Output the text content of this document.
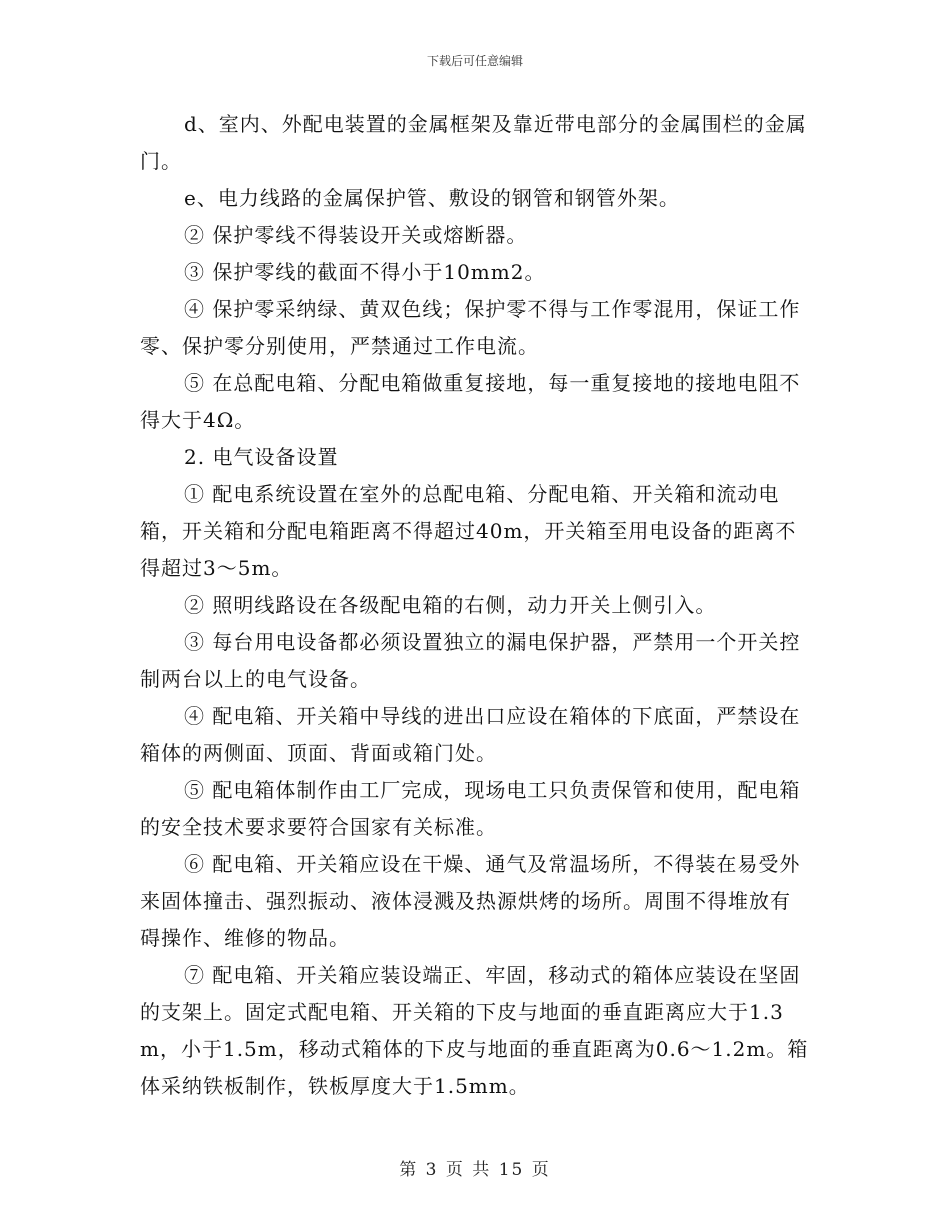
下载后可任意编辑

d、室内、外配电装置的金属框架及靠近带电部分的金属围栏的金属门。

e、电力线路的金属保护管、敷设的钢管和钢管外架。

② 保护零线不得装设开关或熔断器。

③ 保护零线的截面不得小于10mm2。

④ 保护零采纳绿、黄双色线；保护零不得与工作零混用，保证工作零、保护零分别使用，严禁通过工作电流。

⑤ 在总配电箱、分配电箱做重复接地，每一重复接地的接地电阻不得大于4Ω。

2. 电气设备设置

① 配电系统设置在室外的总配电箱、分配电箱、开关箱和流动电箱，开关箱和分配电箱距离不得超过40m，开关箱至用电设备的距离不得超过3～5m。

② 照明线路设在各级配电箱的右侧，动力开关上侧引入。

③ 每台用电设备都必须设置独立的漏电保护器，严禁用一个开关控制两台以上的电气设备。

④ 配电箱、开关箱中导线的进出口应设在箱体的下底面，严禁设在箱体的两侧面、顶面、背面或箱门处。

⑤ 配电箱体制作由工厂完成，现场电工只负责保管和使用，配电箱的安全技术要求要符合国家有关标准。

⑥ 配电箱、开关箱应设在干燥、通气及常温场所，不得装在易受外来固体撞击、强烈振动、液体浸溅及热源烘烤的场所。周围不得堆放有碍操作、维修的物品。

⑦ 配电箱、开关箱应装设端正、牢固，移动式的箱体应装设在坚固的支架上。固定式配电箱、开关箱的下皮与地面的垂直距离应大于1.3m，小于1.5m，移动式箱体的下皮与地面的垂直距离为0.6～1.2m。箱体采纳铁板制作，铁板厚度大于1.5mm。

第 3 页 共 15 页
